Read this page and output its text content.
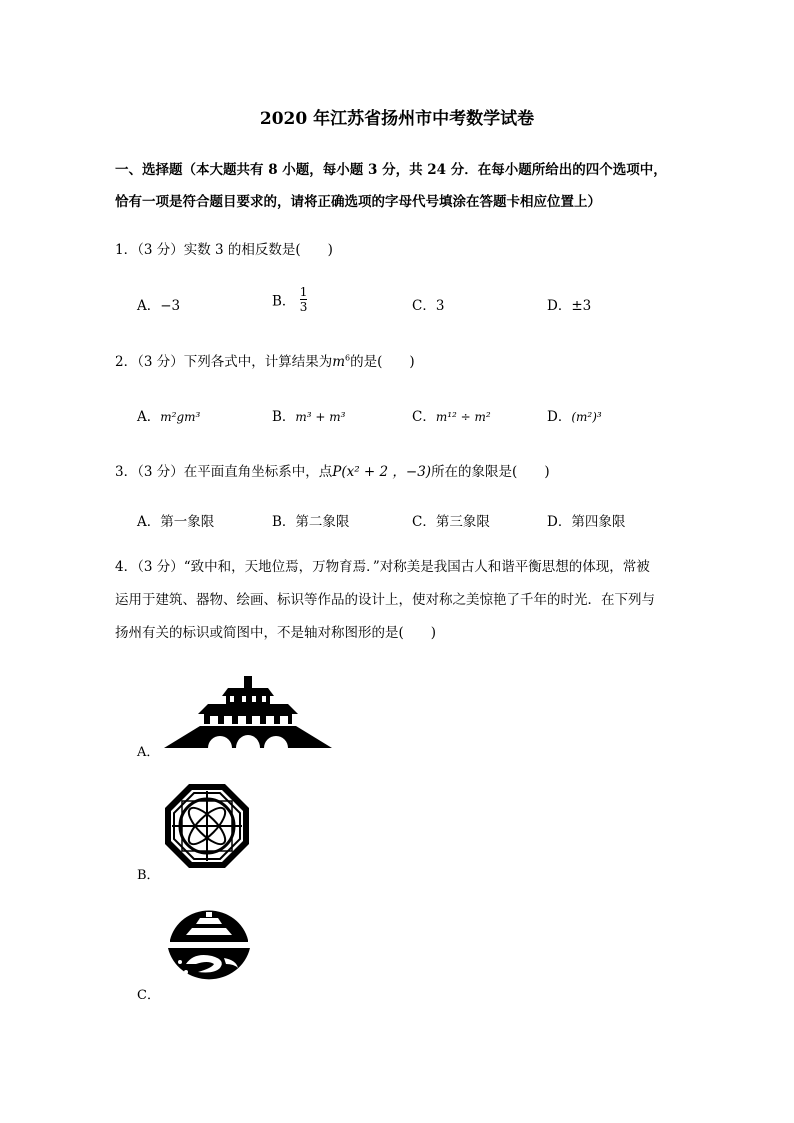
2020 年江苏省扬州市中考数学试卷
一、选择题（本大题共有 8 小题，每小题 3 分，共 24 分．在每小题所给出的四个选项中，
恰有一项是符合题目要求的，请将正确选项的字母代号填涂在答题卡相应位置上）
1．（3 分）实数 3 的相反数是(　　)
A．−3	B． $\frac{1}{3}$	C．3	D．±3
2．（3 分）下列各式中，计算结果为$m^6$的是(　　)
A．m²gm³	B．m³ + m³	C．m¹² ÷ m²	D．(m²)³
3．（3 分）在平面直角坐标系中，点P(x² + 2 ，−3)所在的象限是(　　)
A．第一象限	B．第二象限	C．第三象限	D．第四象限
4．（3 分）“致中和，天地位焉，万物育焉．”对称美是我国古人和谐平衡思想的体现，常被
运用于建筑、器物、绘画、标识等作品的设计上，使对称之美惊艳了千年的时光．在下列与
扬州有关的标识或简图中，不是轴对称图形的是(　　)
A．
B．
C．
